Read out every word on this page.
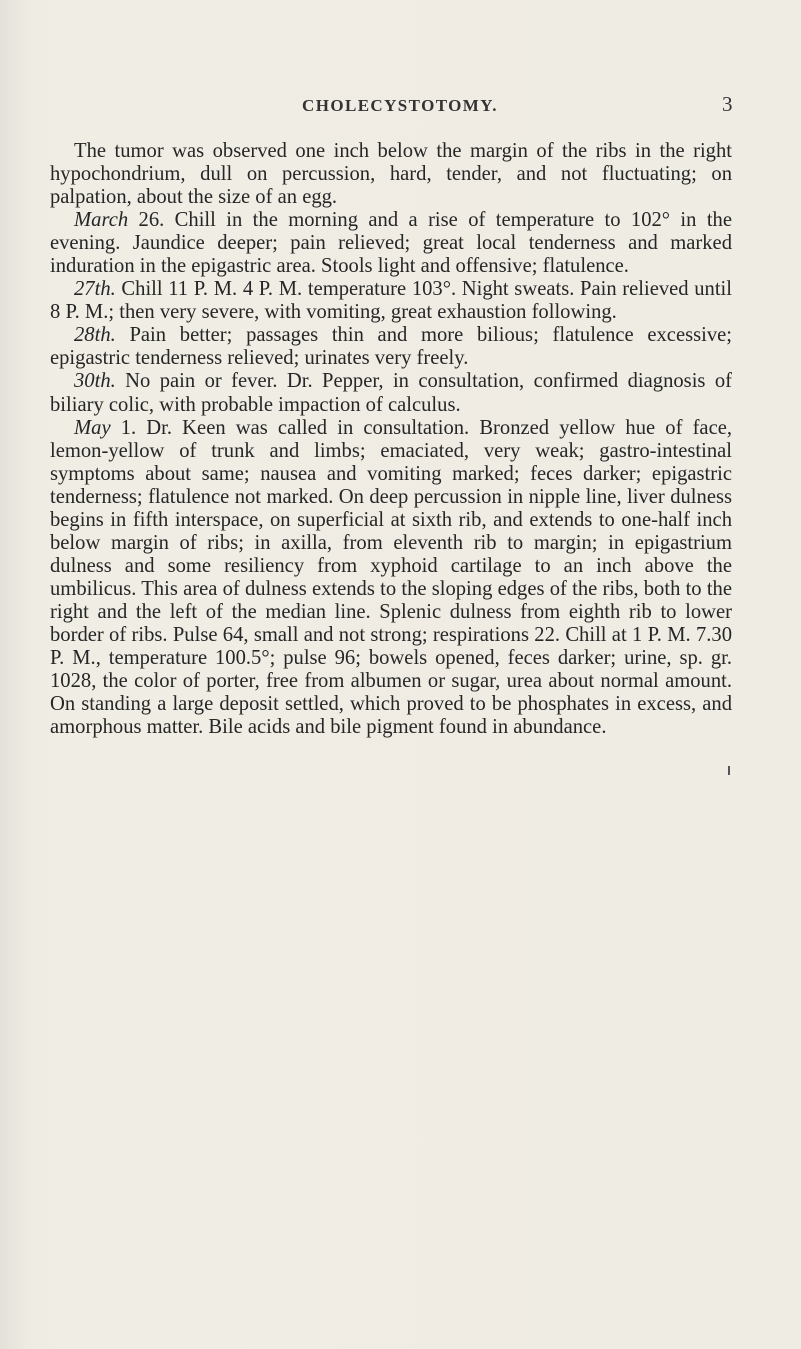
CHOLECYSTOTOMY.	3

The tumor was observed one inch below the margin of the ribs in the right hypochondrium, dull on percussion, hard, tender, and not fluctuating; on palpation, about the size of an egg.

March 26. Chill in the morning and a rise of temperature to 102° in the evening. Jaundice deeper; pain relieved; great local tenderness and marked induration in the epigastric area. Stools light and offensive; flatulence.

27th. Chill 11 P. M. 4 P. M. temperature 103°. Night sweats. Pain relieved until 8 P. M.; then very severe, with vomiting, great exhaustion following.

28th. Pain better; passages thin and more bilious; flatulence excessive; epigastric tenderness relieved; urinates very freely.

30th. No pain or fever. Dr. Pepper, in consultation, confirmed diagnosis of biliary colic, with probable impaction of calculus.

May 1. Dr. Keen was called in consultation. Bronzed yellow hue of face, lemon-yellow of trunk and limbs; emaciated, very weak; gastro-intestinal symptoms about same; nausea and vomiting marked; feces darker; epigastric tenderness; flatulence not marked. On deep percussion in nipple line, liver dulness begins in fifth interspace, on superficial at sixth rib, and extends to one-half inch below margin of ribs; in axilla, from eleventh rib to margin; in epigastrium dulness and some resiliency from xyphoid cartilage to an inch above the umbilicus. This area of dulness extends to the sloping edges of the ribs, both to the right and the left of the median line. Splenic dulness from eighth rib to lower border of ribs. Pulse 64, small and not strong; respirations 22. Chill at 1 P. M. 7.30 P. M., temperature 100.5°; pulse 96; bowels opened, feces darker; urine, sp. gr. 1028, the color of porter, free from albumen or sugar, urea about normal amount. On standing a large deposit settled, which proved to be phosphates in excess, and amorphous matter. Bile acids and bile pigment found in abundance.
